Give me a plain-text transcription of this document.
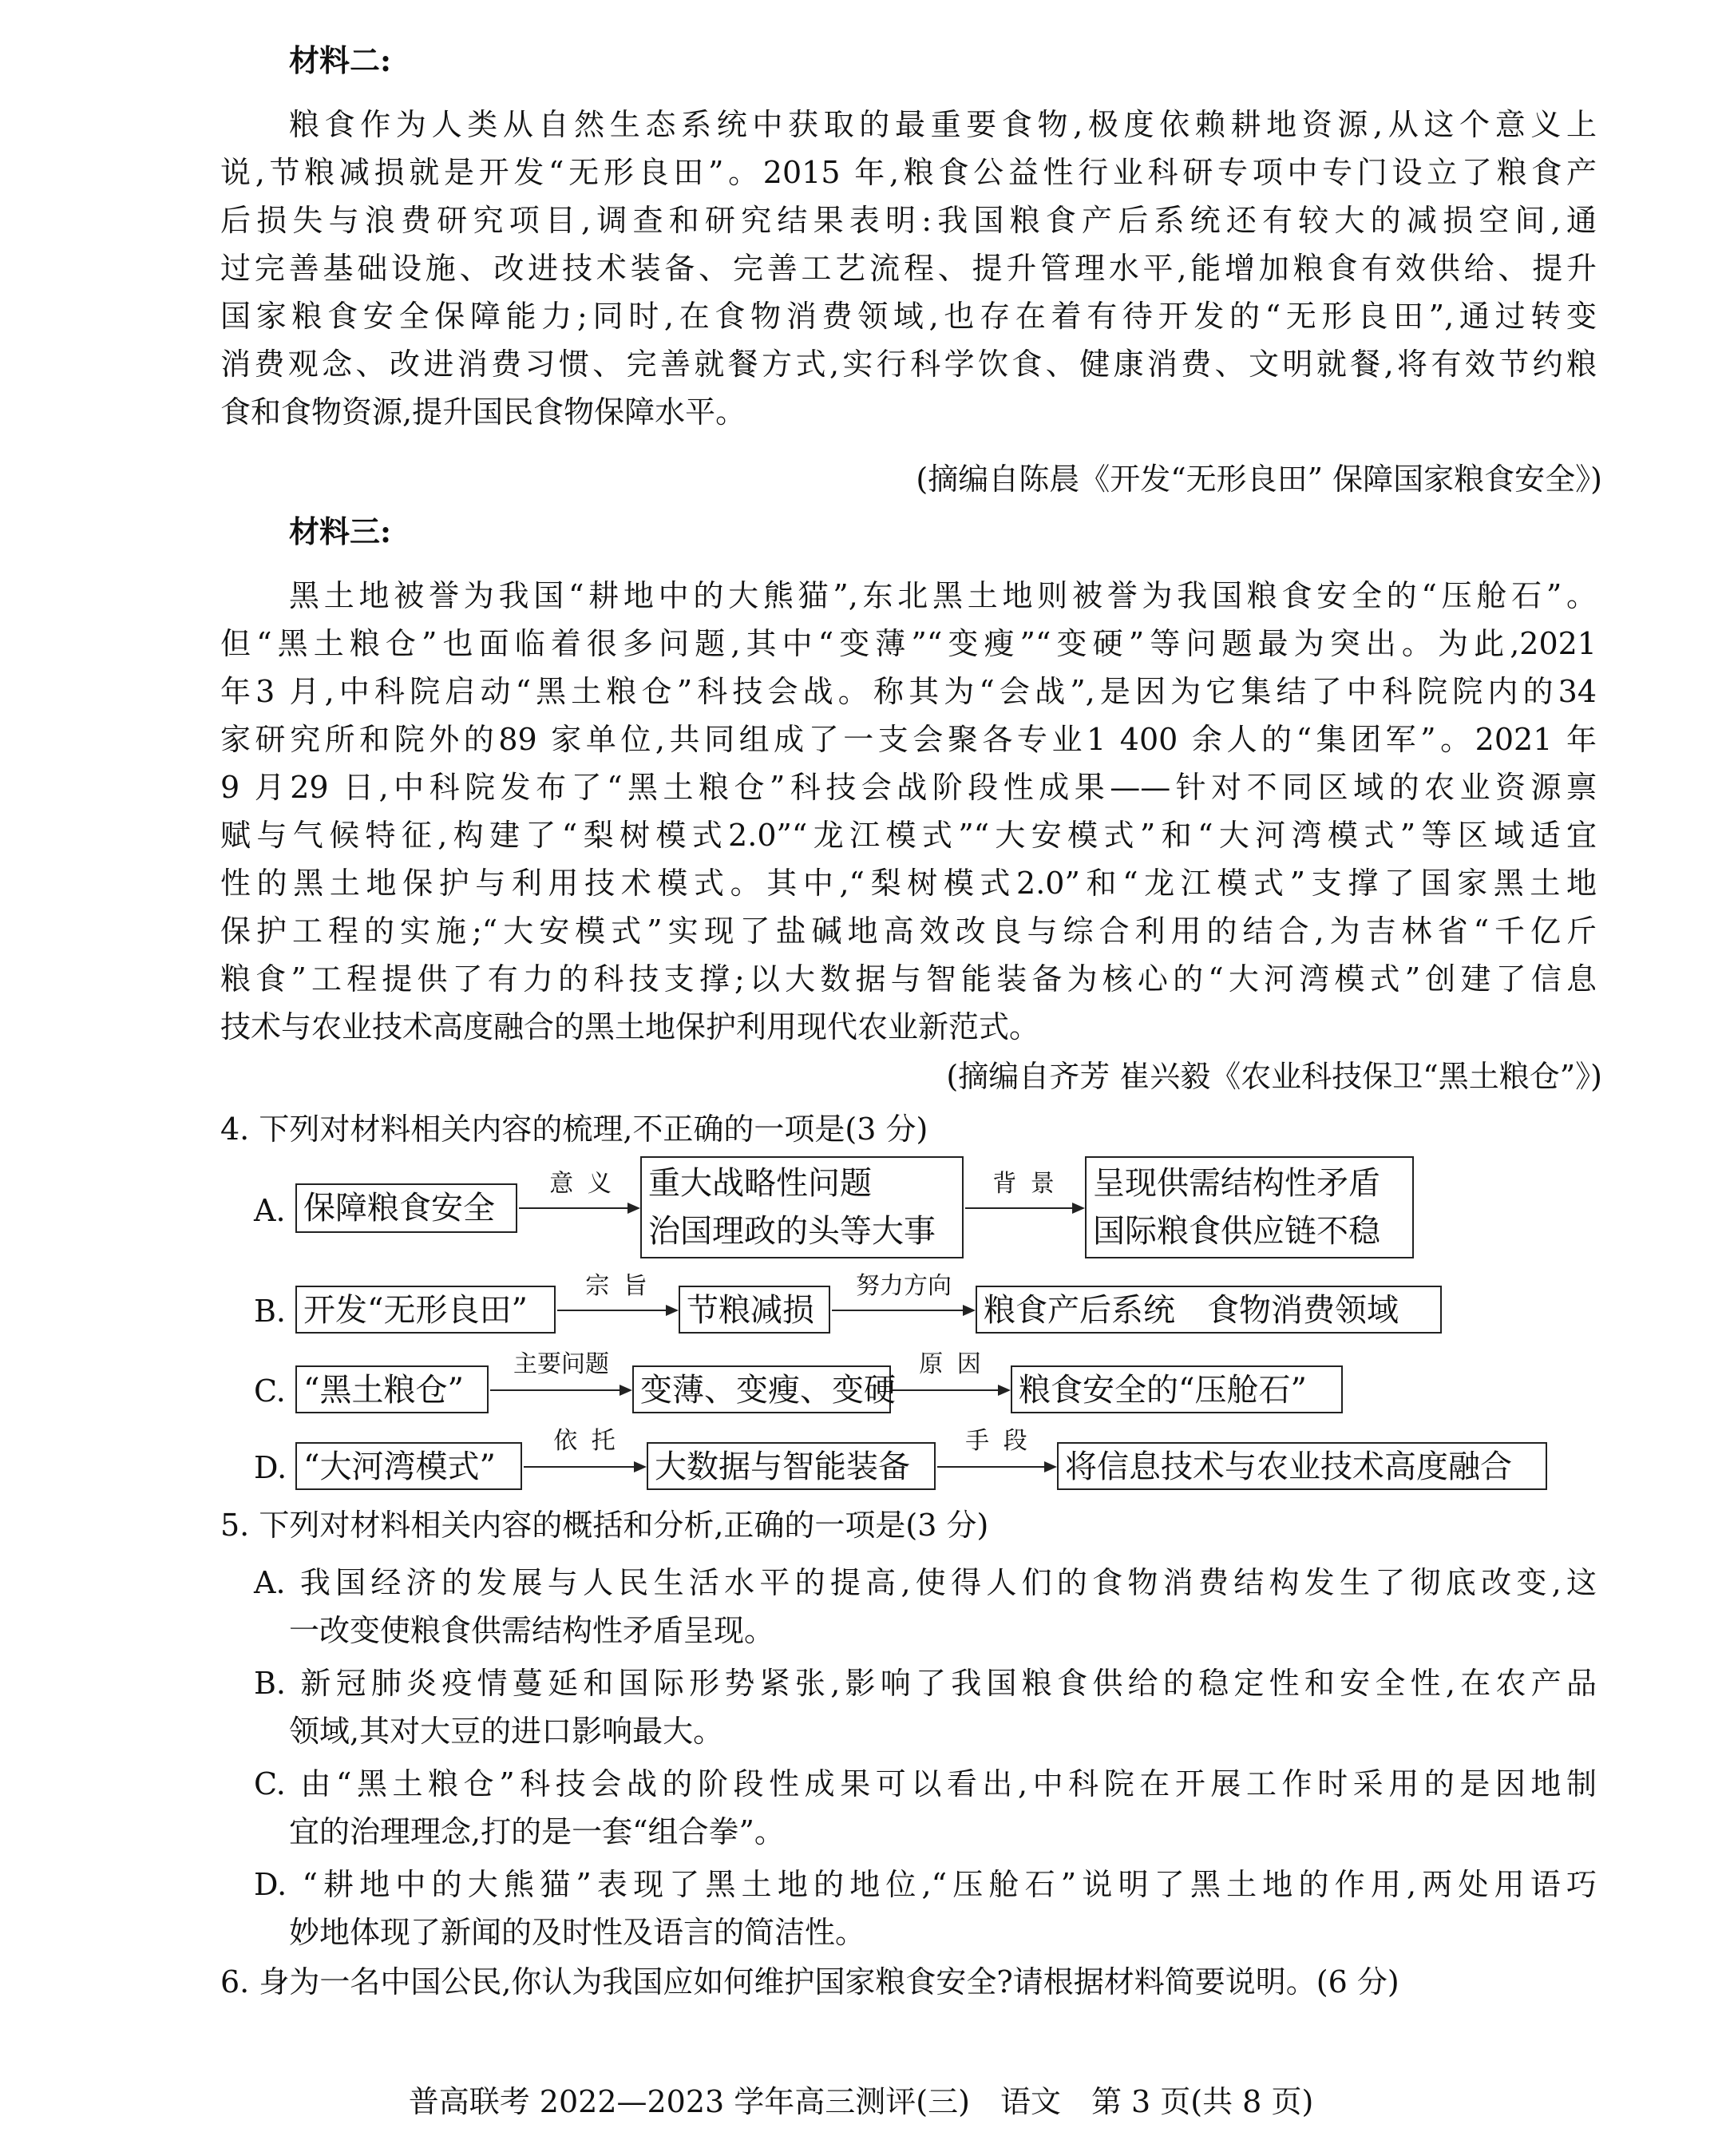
材料二:
粮食作为人类从自然生态系统中获取的最重要食物,极度依赖耕地资源,从这个意义上
说,节粮减损就是开发“无形良田”。2015 年,粮食公益性行业科研专项中专门设立了粮食产
后损失与浪费研究项目,调查和研究结果表明:我国粮食产后系统还有较大的减损空间,通
过完善基础设施、改进技术装备、完善工艺流程、提升管理水平,能增加粮食有效供给、提升
国家粮食安全保障能力;同时,在食物消费领域,也存在着有待开发的“无形良田”,通过转变
消费观念、改进消费习惯、完善就餐方式,实行科学饮食、健康消费、文明就餐,将有效节约粮
食和食物资源,提升国民食物保障水平。
(摘编自陈晨《开发“无形良田” 保障国家粮食安全》)
材料三:
黑土地被誉为我国“耕地中的大熊猫”,东北黑土地则被誉为我国粮食安全的“压舱石”。
但“黑土粮仓”也面临着很多问题,其中“变薄”“变瘦”“变硬”等问题最为突出。为此,2021
年3 月,中科院启动“黑土粮仓”科技会战。称其为“会战”,是因为它集结了中科院院内的34
家研究所和院外的89 家单位,共同组成了一支会聚各专业1 400 余人的“集团军”。2021 年
9 月29 日,中科院发布了“黑土粮仓”科技会战阶段性成果——针对不同区域的农业资源禀
赋与气候特征,构建了“梨树模式2.0”“龙江模式”“大安模式”和“大河湾模式”等区域适宜
性的黑土地保护与利用技术模式。其中,“梨树模式2.0”和“龙江模式”支撑了国家黑土地
保护工程的实施;“大安模式”实现了盐碱地高效改良与综合利用的结合,为吉林省“千亿斤
粮食”工程提供了有力的科技支撑;以大数据与智能装备为核心的“大河湾模式”创建了信息
技术与农业技术高度融合的黑土地保护利用现代农业新范式。
(摘编自齐芳 崔兴毅《农业科技保卫“黑土粮仓”》)
4. 下列对材料相关内容的梳理,不正确的一项是(3 分)
A. 保障粮食安全
意 义	重大战略性问题
治国理政的头等大事
背 景	呈现供需结构性矛盾
国际粮食供应链不稳
B. 开发“无形良田”
宗 旨
节粮减损
努力方向
粮食产后系统　食物消费领域
C. “黑土粮仓”
主要问题
变薄、变瘦、变硬
原 因
粮食安全的“压舱石”
D. “大河湾模式”
依 托
大数据与智能装备
手 段
将信息技术与农业技术高度融合
5. 下列对材料相关内容的概括和分析,正确的一项是(3 分)
A. 我国经济的发展与人民生活水平的提高,使得人们的食物消费结构发生了彻底改变,这
一改变使粮食供需结构性矛盾呈现。
B. 新冠肺炎疫情蔓延和国际形势紧张,影响了我国粮食供给的稳定性和安全性,在农产品
领域,其对大豆的进口影响最大。
C. 由“黑土粮仓”科技会战的阶段性成果可以看出,中科院在开展工作时采用的是因地制
宜的治理理念,打的是一套“组合拳”。
D. “耕地中的大熊猫”表现了黑土地的地位,“压舱石”说明了黑土地的作用,两处用语巧
妙地体现了新闻的及时性及语言的简洁性。
6. 身为一名中国公民,你认为我国应如何维护国家粮食安全?请根据材料简要说明。(6 分)
普高联考 2022—2023 学年高三测评(三)　语文　第 3 页(共 8 页)
